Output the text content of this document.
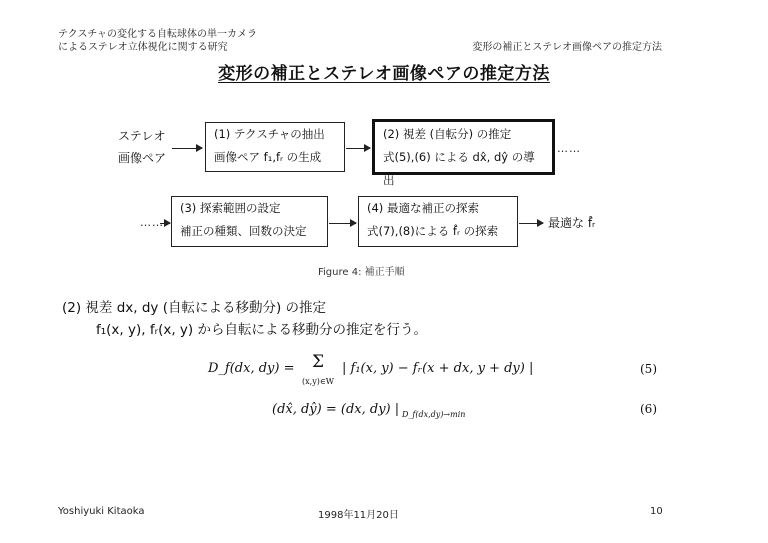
テクスチャの変化する自転球体の単一カメラ
によるステレオ立体視化に関する研究	変形の補正とステレオ画像ペアの推定方法
変形の補正とステレオ画像ペアの推定方法
ステレオ
画像ペア
(1) テクスチャの抽出
画像ペア f₁,fᵣ の生成
(2) 視差 (自転分) の推定
式(5),(6) による dx̂, dŷ の導出
……
……
(3) 探索範囲の設定
補正の種類、回数の決定
(4) 最適な補正の探索
式(7),(8)による f̂ᵣ の探索
最適な f̂ᵣ
Figure 4: 補正手順
(2) 視差 dx, dy (自転による移動分) の推定
f₁(x, y), fᵣ(x, y) から自転による移動分の推定を行う。
D_f(dx, dy) =	Σ
(x,y)∈W
| f₁(x, y) − fᵣ(x + dx, y + dy) |	(5)
(dx̂, dŷ) = (dx, dy) | D_f(dx,dy)→min	(6)
Yoshiyuki Kitaoka	1998年11月20日	10
